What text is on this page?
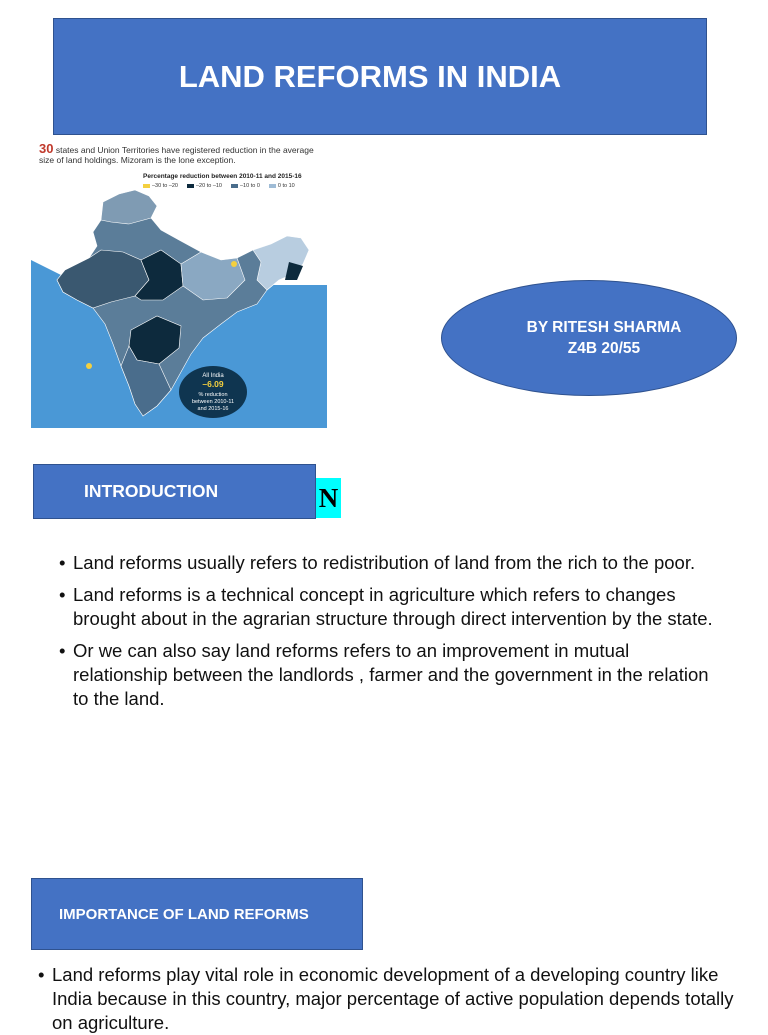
LAND REFORMS IN INDIA
30 states and Union Territories have registered reduction in the average size of land holdings. Mizoram is the lone exception.
Percentage reduction between 2010-11 and 2015-16
–30 to –20	–20 to –10	–10 to 0	0 to 10
All India
–6.09
% reduction
between 2010-11
and 2015-16
BY RITESH SHARMA
Z4B 20/55
INTRODUCTION	N
• Land reforms usually refers to redistribution of land from the rich to the poor.
• Land reforms is a technical concept in agriculture which refers to changes brought about in the agrarian structure through direct intervention by the state.
• Or we can also say land reforms refers to an improvement in mutual relationship between the landlords , farmer and the government in the relation to the land.
IMPORTANCE OF LAND REFORMS
• Land reforms play vital role in economic development of a developing country like India because in this country, major percentage of active population depends totally on agriculture.
